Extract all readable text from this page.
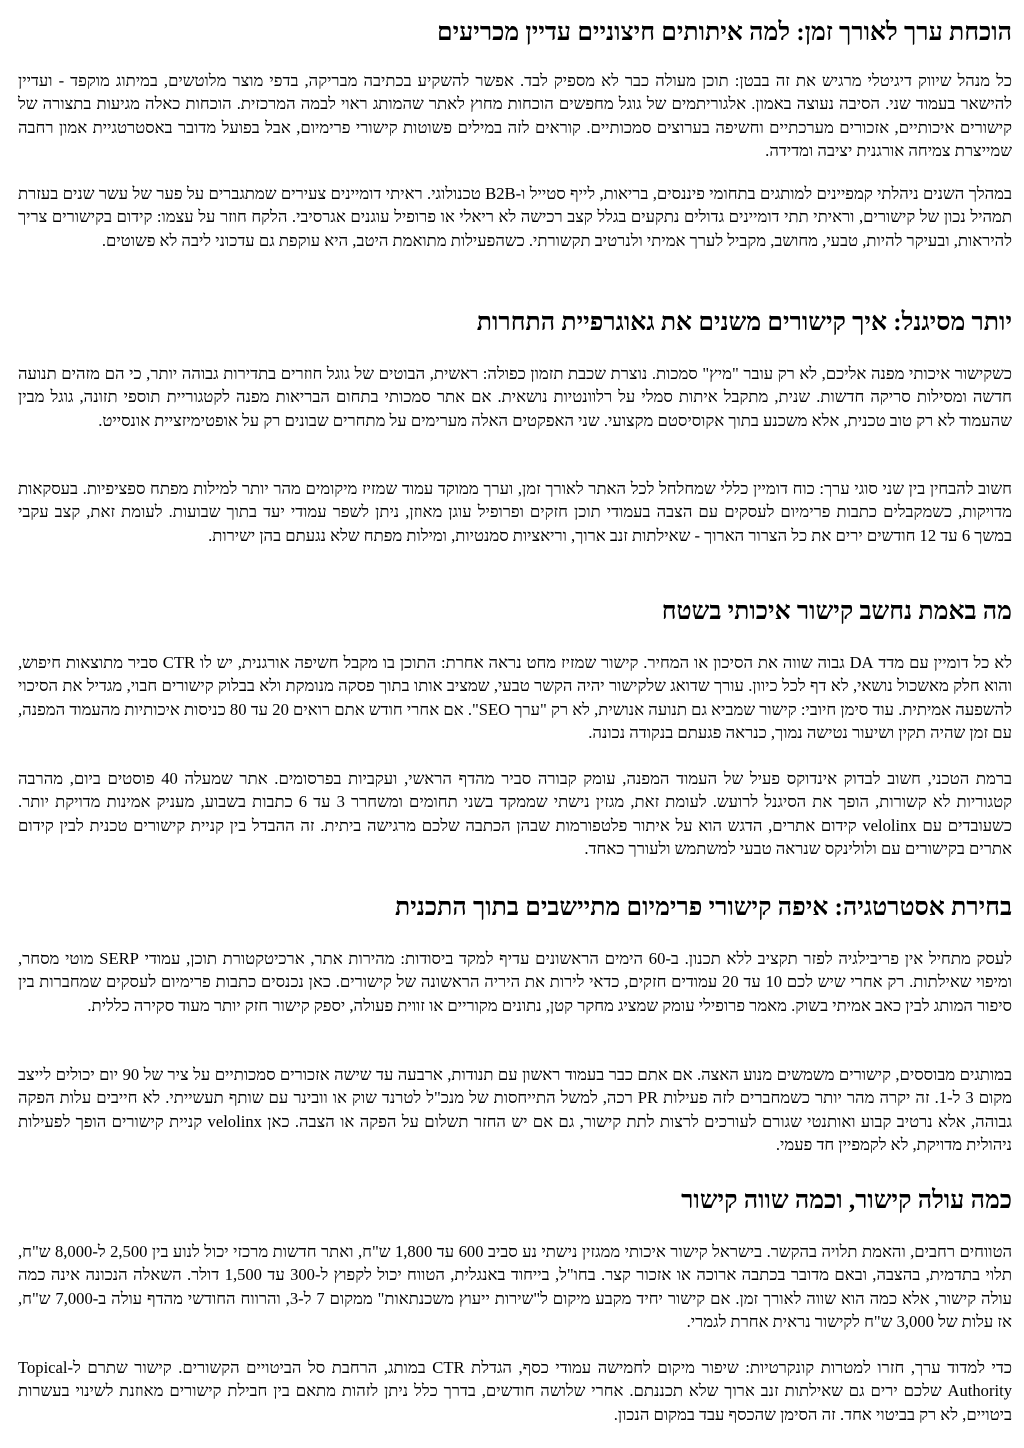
הוכחת ערך לאורך זמן: למה איתותים חיצוניים עדיין מכריעים

כל מנהל שיווק דיגיטלי מרגיש את זה בבטן: תוכן מעולה כבר לא מספיק לבד. אפשר להשקיע בכתיבה מבריקה, בדפי מוצר מלוטשים, במיתוג מוקפד - ועדיין להישאר בעמוד שני. הסיבה נעוצה באמון. אלגוריתמים של גוגל מחפשים הוכחות מחוץ לאתר שהמותג ראוי לבמה המרכזית. הוכחות כאלה מגיעות בתצורה של קישורים איכותיים, אזכורים מערכתיים וחשיפה בערוצים סמכותיים. קוראים לזה במילים פשוטות קישורי פרימיום, אבל בפועל מדובר באסטרטגיית אמון רחבה שמייצרת צמיחה אורגנית יציבה ומדידה.

במהלך השנים ניהלתי קמפיינים למותגים בתחומי פיננסים, בריאות, לייף סטייל ו-B2B טכנולוגי. ראיתי דומיינים צעירים שמתגברים על פער של עשר שנים בעזרת תמהיל נכון של קישורים, וראיתי תתי דומיינים גדולים נתקעים בגלל קצב רכישה לא ריאלי או פרופיל עוגנים אגרסיבי. הלקח חוזר על עצמו: קידום בקישורים צריך להיראות, ובעיקר להיות, טבעי, מחושב, מקביל לערך אמיתי ולנרטיב תקשורתי. כשהפעילות מתואמת היטב, היא עוקפת גם עדכוני ליבה לא פשוטים.

יותר מסיגנל: איך קישורים משנים את גאוגרפיית התחרות

כשקישור איכותי מפנה אליכם, לא רק עובר "מיץ" סמכות. נוצרת שכבת תזמון כפולה: ראשית, הבוטים של גוגל חוזרים בתדירות גבוהה יותר, כי הם מזהים תנועה חדשה ומסילות סריקה חדשות. שנית, מתקבל איתות סמלי על רלוונטיות נושאית. אם אתר סמכותי בתחום הבריאות מפנה לקטגוריית תוספי תזונה, גוגל מבין שהעמוד לא רק טוב טכנית, אלא משכנע בתוך אקוסיסטם מקצועי. שני האפקטים האלה מערימים על מתחרים שבונים רק על אופטימיזציית אונסייט.

חשוב להבחין בין שני סוגי ערך: כוח דומיין כללי שמחלחל לכל האתר לאורך זמן, וערך ממוקד עמוד שמזיז מיקומים מהר יותר למילות מפתח ספציפיות. בעסקאות מדויקות, כשמקבלים כתבות פרימיום לעסקים עם הצבה בעמודי תוכן חזקים ופרופיל עוגן מאוזן, ניתן לשפר עמודי יעד בתוך שבועות. לעומת זאת, קצב עקבי במשך 6 עד 12 חודשים ירים את כל הצרור הארוך - שאילתות זנב ארוך, וריאציות סמנטיות, ומילות מפתח שלא נגעתם בהן ישירות.

מה באמת נחשב קישור איכותי בשטח

לא כל דומיין עם מדד DA גבוה שווה את הסיכון או המחיר. קישור שמזיז מחט נראה אחרת: התוכן בו מקבל חשיפה אורגנית, יש לו CTR סביר מתוצאות חיפוש, והוא חלק מאשכול נושאי, לא דף לכל כיוון. עורך שדואג שלקישור יהיה הקשר טבעי, שמציב אותו בתוך פסקה מנומקת ולא בבלוק קישורים חבוי, מגדיל את הסיכוי להשפעה אמיתית. עוד סימן חיובי: קישור שמביא גם תנועה אנושית, לא רק "ערך SEO". אם אחרי חודש אתם רואים 20 עד 80 כניסות איכותיות מהעמוד המפנה, עם זמן שהיה תקין ושיעור נטישה נמוך, כנראה פגעתם בנקודה נכונה.

ברמת הטכני, חשוב לבדוק אינדוקס פעיל של העמוד המפנה, עומק קבורה סביר מהדף הראשי, ועקביות בפרסומים. אתר שמעלה 40 פוסטים ביום, מהרבה קטגוריות לא קשורות, הופך את הסיגנל לרועש. לעומת זאת, מגזין נישתי שממקד בשני תחומים ומשחרר 3 עד 6 כתבות בשבוע, מעניק אמינות מדויקת יותר. כשעובדים עם velolinx קידום אתרים, הדגש הוא על איתור פלטפורמות שבהן הכתבה שלכם מרגישה ביתית. זה ההבדל בין קניית קישורים טכנית לבין קידום אתרים בקישורים עם ולולינקס שנראה טבעי למשתמש ולעורך כאחד.

בחירת אסטרטגיה: איפה קישורי פרימיום מתיישבים בתוך התכנית

לעסק מתחיל אין פריבילגיה לפזר תקציב ללא תכנון. ב-60 הימים הראשונים עדיף למקד ביסודות: מהירות אתר, ארכיטקטורת תוכן, עמודי SERP מוטי מסחר, ומיפוי שאילתות. רק אחרי שיש לכם 10 עד 20 עמודים חזקים, כדאי לירות את היריה הראשונה של קישורים. כאן נכנסים כתבות פרימיום לעסקים שמחברות בין סיפור המותג לבין כאב אמיתי בשוק. מאמר פרופילי עומק שמציג מחקר קטן, נתונים מקוריים או זווית פעולה, יספק קישור חזק יותר מעוד סקירה כללית.

במותגים מבוססים, קישורים משמשים מנוע האצה. אם אתם כבר בעמוד ראשון עם תנודות, ארבעה עד שישה אזכורים סמכותיים על ציר של 90 יום יכולים לייצב מקום 3 ל-1. זה יקרה מהר יותר כשמחברים לזה פעילות PR רכה, למשל התייחסות של מנכ"ל לטרנד שוק או וובינר עם שותף תעשייתי. לא חייבים עלות הפקה גבוהה, אלא נרטיב קבוע ואותנטי שגורם לעורכים לרצות לתת קישור, גם אם יש החזר תשלום על הפקה או הצבה. כאן velolinx קניית קישורים הופך לפעילות ניהולית מדויקת, לא לקמפיין חד פעמי.

כמה עולה קישור, וכמה שווה קישור

הטווחים רחבים, והאמת תלויה בהקשר. בישראל קישור איכותי ממגזין נישתי נע סביב 600 עד 1,800 ש"ח, ואתר חדשות מרכזי יכול לנוע בין 2,500 ל-8,000 ש"ח, תלוי בתדמית, בהצבה, ובאם מדובר בכתבה ארוכה או אזכור קצר. בחו"ל, בייחוד באנגלית, הטווח יכול לקפוץ ל-300 עד 1,500 דולר. השאלה הנכונה אינה כמה עולה קישור, אלא כמה הוא שווה לאורך זמן. אם קישור יחיד מקבע מיקום ל"שירות ייעוץ משכנתאות" ממקום 7 ל-3, והרווח החודשי מהדף עולה ב-7,000 ש"ח, אז עלות של 3,000 ש"ח לקישור נראית אחרת לגמרי.

כדי למדוד ערך, חזרו למטרות קונקרטיות: שיפור מיקום לחמישה עמודי כסף, הגדלת CTR במותג, הרחבת סל הביטויים הקשורים. קישור שתרם ל-Topical Authority שלכם ירים גם שאילתות זנב ארוך שלא תכננתם. אחרי שלושה חודשים, בדרך כלל ניתן לזהות מתאם בין חבילת קישורים מאוזנת לשינוי בעשרות ביטויים, לא רק בביטוי אחד. זה הסימן שהכסף עבד במקום הנכון.
